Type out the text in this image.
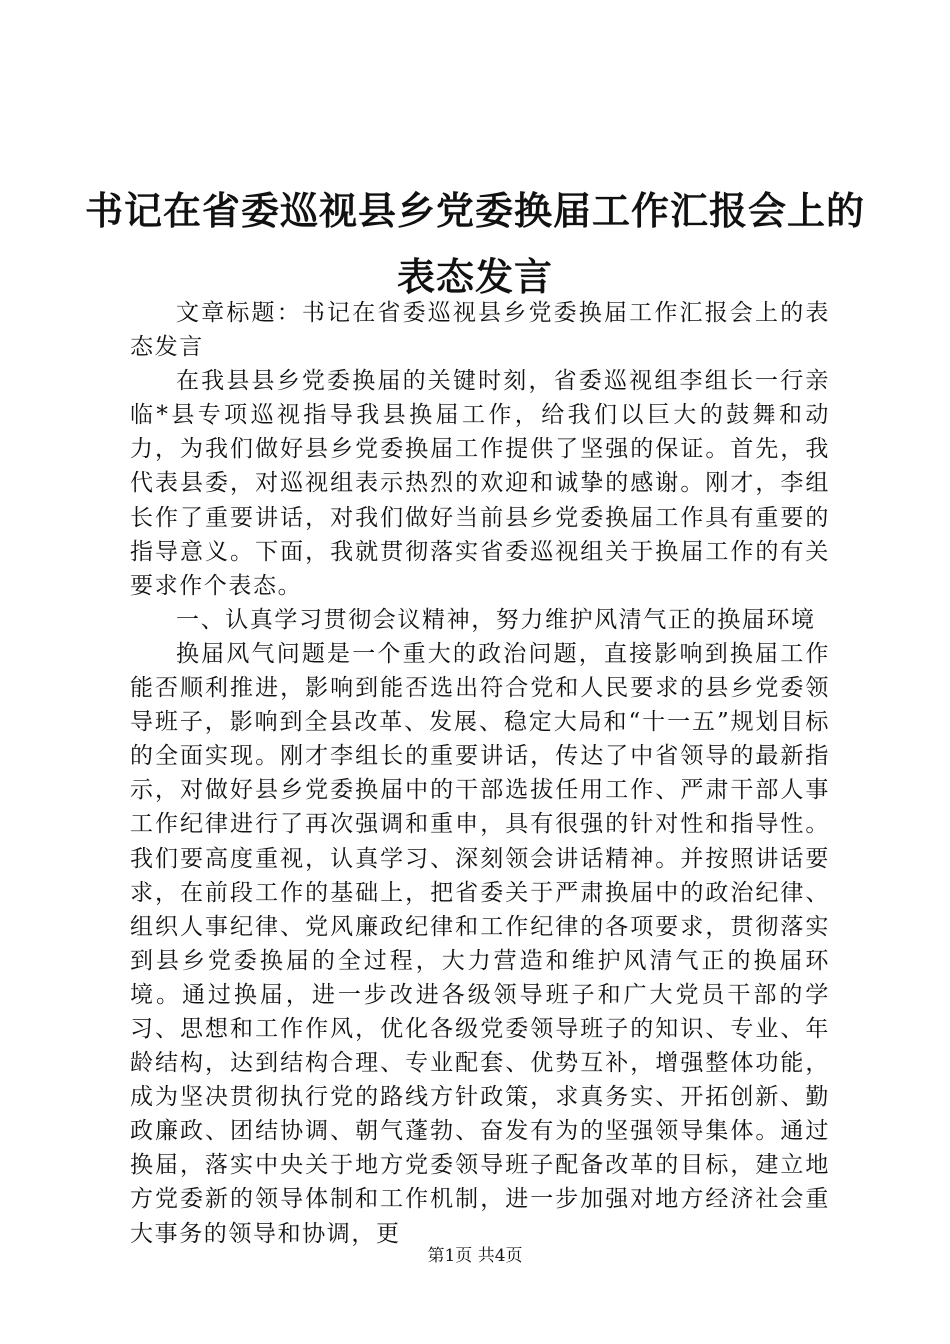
书记在省委巡视县乡党委换届工作汇报会上的表态发言

文章标题：书记在省委巡视县乡党委换届工作汇报会上的表态发言

在我县县乡党委换届的关键时刻，省委巡视组李组长一行亲临*县专项巡视指导我县换届工作，给我们以巨大的鼓舞和动力，为我们做好县乡党委换届工作提供了坚强的保证。首先，我代表县委，对巡视组表示热烈的欢迎和诚挚的感谢。刚才，李组长作了重要讲话，对我们做好当前县乡党委换届工作具有重要的指导意义。下面，我就贯彻落实省委巡视组关于换届工作的有关要求作个表态。

一、认真学习贯彻会议精神，努力维护风清气正的换届环境

换届风气问题是一个重大的政治问题，直接影响到换届工作能否顺利推进，影响到能否选出符合党和人民要求的县乡党委领导班子，影响到全县改革、发展、稳定大局和“十一五”规划目标的全面实现。刚才李组长的重要讲话，传达了中省领导的最新指示，对做好县乡党委换届中的干部选拔任用工作、严肃干部人事工作纪律进行了再次强调和重申，具有很强的针对性和指导性。我们要高度重视，认真学习、深刻领会讲话精神。并按照讲话要求，在前段工作的基础上，把省委关于严肃换届中的政治纪律、组织人事纪律、党风廉政纪律和工作纪律的各项要求，贯彻落实到县乡党委换届的全过程，大力营造和维护风清气正的换届环境。通过换届，进一步改进各级领导班子和广大党员干部的学习、思想和工作作风，优化各级党委领导班子的知识、专业、年龄结构，达到结构合理、专业配套、优势互补，增强整体功能，成为坚决贯彻执行党的路线方针政策，求真务实、开拓创新、勤政廉政、团结协调、朝气蓬勃、奋发有为的坚强领导集体。通过换届，落实中央关于地方党委领导班子配备改革的目标，建立地方党委新的领导体制和工作机制，进一步加强对地方经济社会重大事务的领导和协调，更

第1页 共4页
